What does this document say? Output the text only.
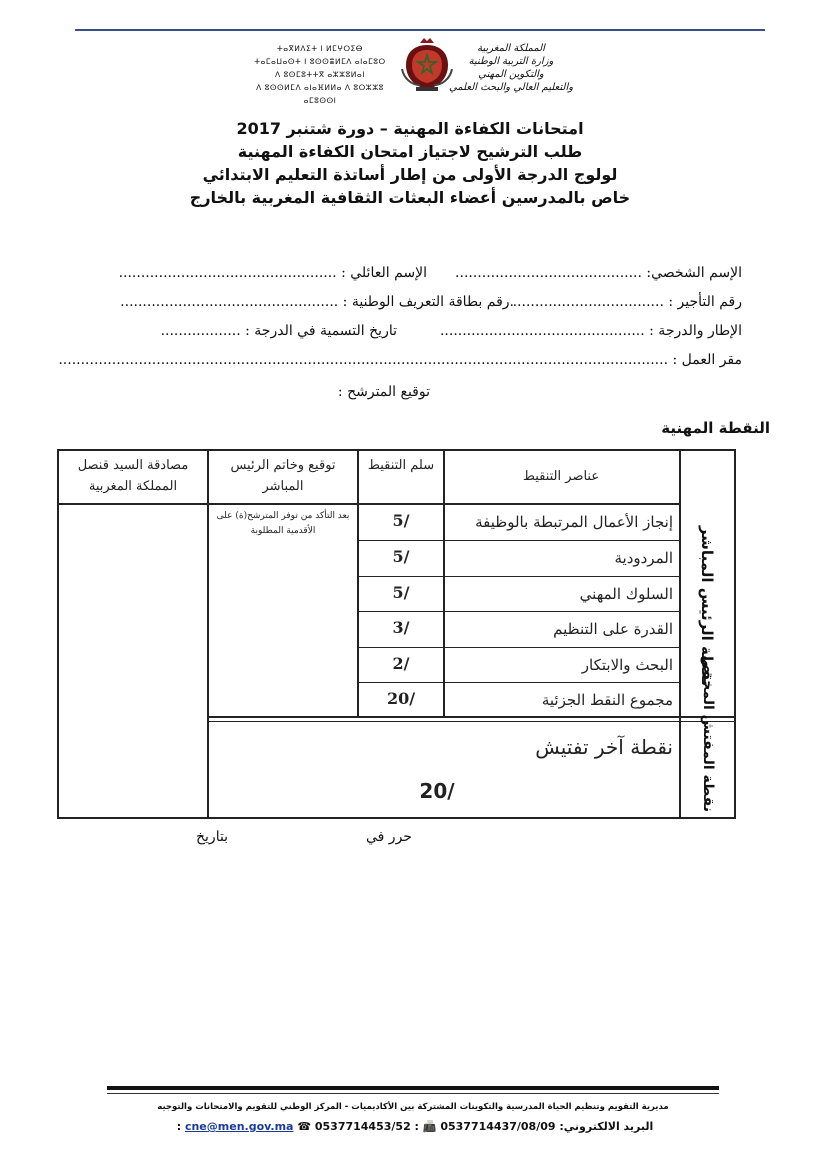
المملكة المغربية
وزارة التربية الوطنية
والتكوين المهني
والتعليم العالي والبحث العلمي
ⵜⴰⴳⵍⴷⵉⵜ ⵏ ⵍⵎⵖⵔⵉⴱ
ⵜⴰⵎⴰⵡⴰⵙⵜ ⵏ ⵓⵙⵙⴻⵍⵎⴷ ⴰⵏⴰⵎⵓⵔ
ⴷ ⵓⵙⵎⵓⵜⵜⴳ ⴰⵣⵣⵓⵍⴰⵏ
ⴷ ⵓⵙⵙⵍⵎⴷ ⴰⵏⴰⴼⵍⵍⴰ ⴷ ⵓⵔⵣⵣⵓ ⴰⵎⵓⵙⵙⵏ
امتحانات الكفاءة المهنية – دورة شتنبر 2017
طلب الترشيح لاجتياز امتحان الكفاءة المهنية
لولوج الدرجة الأولى من إطار أساتذة التعليم الابتدائي
خاص بالمدرسين أعضاء البعثات الثقافية المغربية بالخارج
الإسم الشخصي: ..........................................
الإسم العائلي : .................................................
رقم التأجير : ..................................
.رقم بطاقة التعريف الوطنية : .................................................
الإطار والدرجة : ..............................................
تاريخ التسمية في الدرجة : ..................
مقر العمل : .........................................................................................................................................
توقيع المترشح :
النقطة المهنية
عناصر التنقيط
سلم التنقيط
توقيع وخاتم الرئيس المباشر
مصادقة السيد قنصل المملكة المغربية
بعد التأكد من توفر المترشح(ة) على الأقدمية المطلوبة	نقطة الرئيس المباشر
إنجاز الأعمال المرتبطة بالوظيفة
/5
المردودية
/5
السلوك المهني
/5
القدرة على التنظيم
/3
البحث والابتكار
/2
مجموع النقط الجزئية
/20	نقطة المفتش المختص
نقطة آخر تفتيش
/20
حرر في
بتاريخ
مديرية التقويم وتنظيم الحياة المدرسية والتكوينات المشتركة بين الأكاديميات - المركز الوطني للتقويم والامتحانات والتوجيه
البريد الالكتروني: cne@men.gov.ma ☎ 0537714453/52 : 📠 0537714437/08/09 :
